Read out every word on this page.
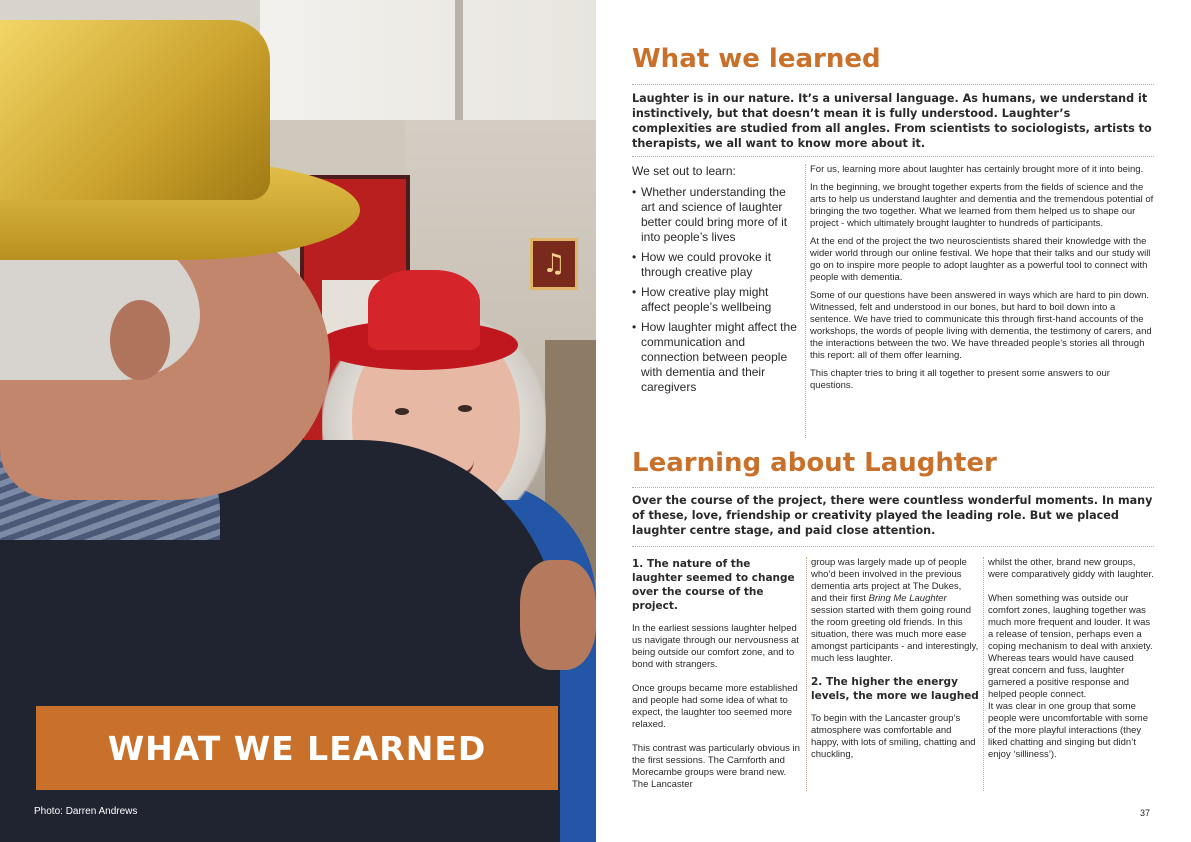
♫
WHAT WE LEARNED
Photo: Darren Andrews
What we learned
Laughter is in our nature. It’s a universal language. As humans, we understand it instinctively, but that doesn’t mean it is fully understood. Laughter’s complexities are studied from all angles. From scientists to sociologists, artists to therapists, we all want to know more about it.
We set out to learn:
• Whether understanding the art and science of laughter better could bring more of it into people’s lives
• How we could provoke it through creative play
• How creative play might affect people’s wellbeing
• How laughter might affect the communication and connection between people with dementia and their caregivers

For us, learning more about laughter has certainly brought more of it into being.

In the beginning, we brought together experts from the fields of science and the arts to help us understand laughter and dementia and the tremendous potential of bringing the two together. What we learned from them helped us to shape our project - which ultimately brought laughter to hundreds of participants.

At the end of the project the two neuroscientists shared their knowledge with the wider world through our online festival. We hope that their talks and our study will go on to inspire more people to adopt laughter as a powerful tool to connect with people with dementia.

Some of our questions have been answered in ways which are hard to pin down. Witnessed, felt and understood in our bones, but hard to boil down into a sentence. We have tried to communicate this through first-hand accounts of the workshops, the words of people living with dementia, the testimony of carers, and the interactions between the two. We have threaded people’s stories all through this report: all of them offer learning.

This chapter tries to bring it all together to present some answers to our questions.

Learning about Laughter
Over the course of the project, there were countless wonderful moments. In many of these, love, friendship or creativity played the leading role. But we placed laughter centre stage, and paid close attention.
1. The nature of the laughter seemed to change over the course of the project.
In the earliest sessions laughter helped us navigate through our nervousness at being outside our comfort zone, and to bond with strangers.
Once groups became more established and people had some idea of what to expect, the laughter too seemed more relaxed.
This contrast was particularly obvious in the first sessions. The Carnforth and Morecambe groups were brand new. The Lancaster
group was largely made up of people who’d been involved in the previous dementia arts project at The Dukes, and their first Bring Me Laughter session started with them going round the room greeting old friends. In this situation, there was much more ease amongst participants - and interestingly, much less laughter.
2. The higher the energy levels, the more we laughed
To begin with the Lancaster group’s atmosphere was comfortable and happy, with lots of smiling, chatting and chuckling,
whilst the other, brand new groups, were comparatively giddy with laughter.
When something was outside our comfort zones, laughing together was much more frequent and louder. It was a release of tension, perhaps even a coping mechanism to deal with anxiety. Whereas tears would have caused great concern and fuss, laughter garnered a positive response and helped people connect.
It was clear in one group that some people were uncomfortable with some of the more playful interactions (they liked chatting and singing but didn’t enjoy ‘silliness’).
37
